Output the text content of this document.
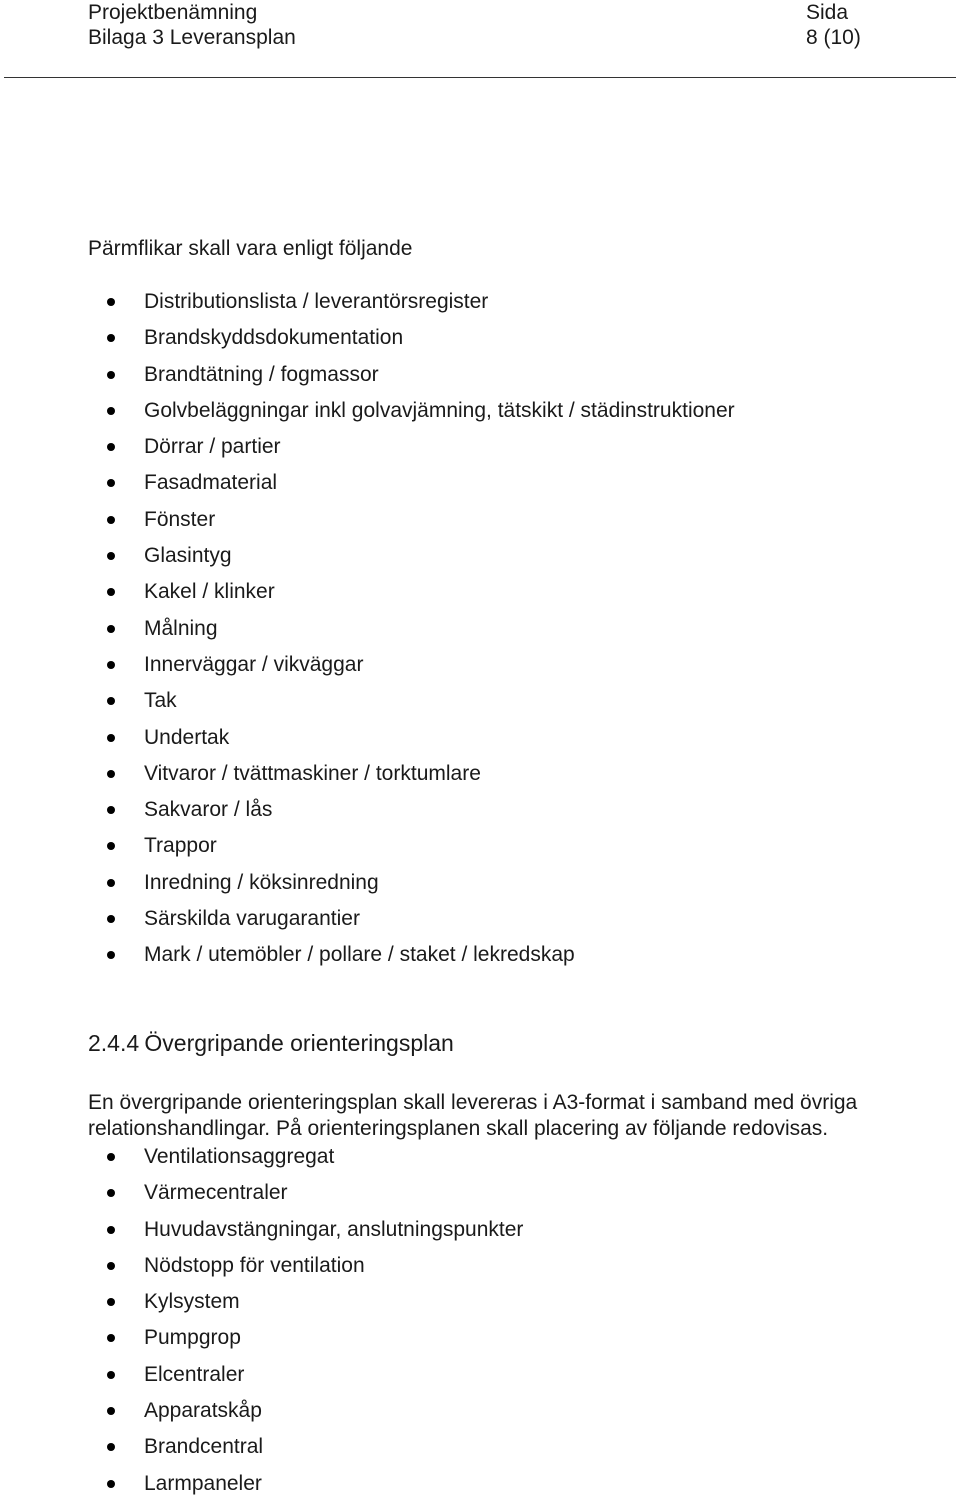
Projektbenämning
Bilaga 3 Leveransplan
Sida
8 (10)
Pärmflikar skall vara enligt följande
Distributionslista / leverantörsregister
Brandskyddsdokumentation
Brandtätning / fogmassor
Golvbeläggningar inkl golvavjämning, tätskikt / städinstruktioner
Dörrar / partier
Fasadmaterial
Fönster
Glasintyg
Kakel / klinker
Målning
Innerväggar / vikväggar
Tak
Undertak
Vitvaror / tvättmaskiner / torktumlare
Sakvaror / lås
Trappor
Inredning / köksinredning
Särskilda varugarantier
Mark / utemöbler / pollare / staket / lekredskap
2.4.4 Övergripande orienteringsplan
En övergripande orienteringsplan skall levereras i A3-format i samband med övriga relationshandlingar. På orienteringsplanen skall placering av följande redovisas.
Ventilationsaggregat
Värmecentraler
Huvudavstängningar, anslutningspunkter
Nödstopp för ventilation
Kylsystem
Pumpgrop
Elcentraler
Apparatskåp
Brandcentral
Larmpaneler
